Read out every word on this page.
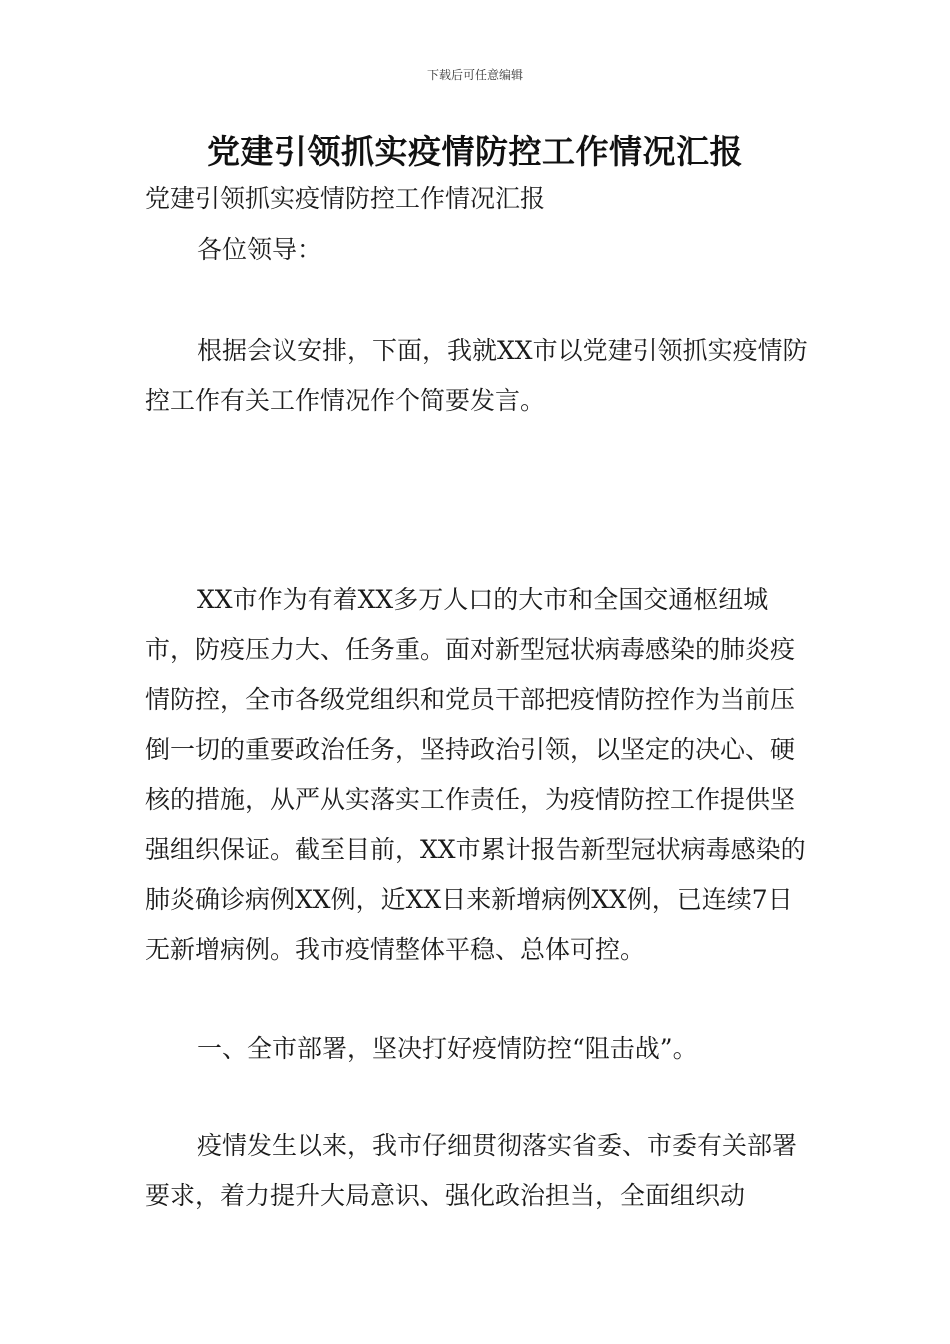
下载后可任意编辑
党建引领抓实疫情防控工作情况汇报

党建引领抓实疫情防控工作情况汇报

各位领导：

根据会议安排，下面，我就XX市以党建引领抓实疫情防控工作有关工作情况作个简要发言。

XX市作为有着XX多万人口的大市和全国交通枢纽城市，防疫压力大、任务重。面对新型冠状病毒感染的肺炎疫情防控，全市各级党组织和党员干部把疫情防控作为当前压倒一切的重要政治任务，坚持政治引领，以坚定的决心、硬核的措施，从严从实落实工作责任，为疫情防控工作提供坚强组织保证。截至目前，XX市累计报告新型冠状病毒感染的肺炎确诊病例XX例，近XX日来新增病例XX例，已连续7日无新增病例。我市疫情整体平稳、总体可控。

一、全市部署，坚决打好疫情防控“阻击战”。

疫情发生以来，我市仔细贯彻落实省委、市委有关部署要求，着力提升大局意识、强化政治担当，全面组织动
